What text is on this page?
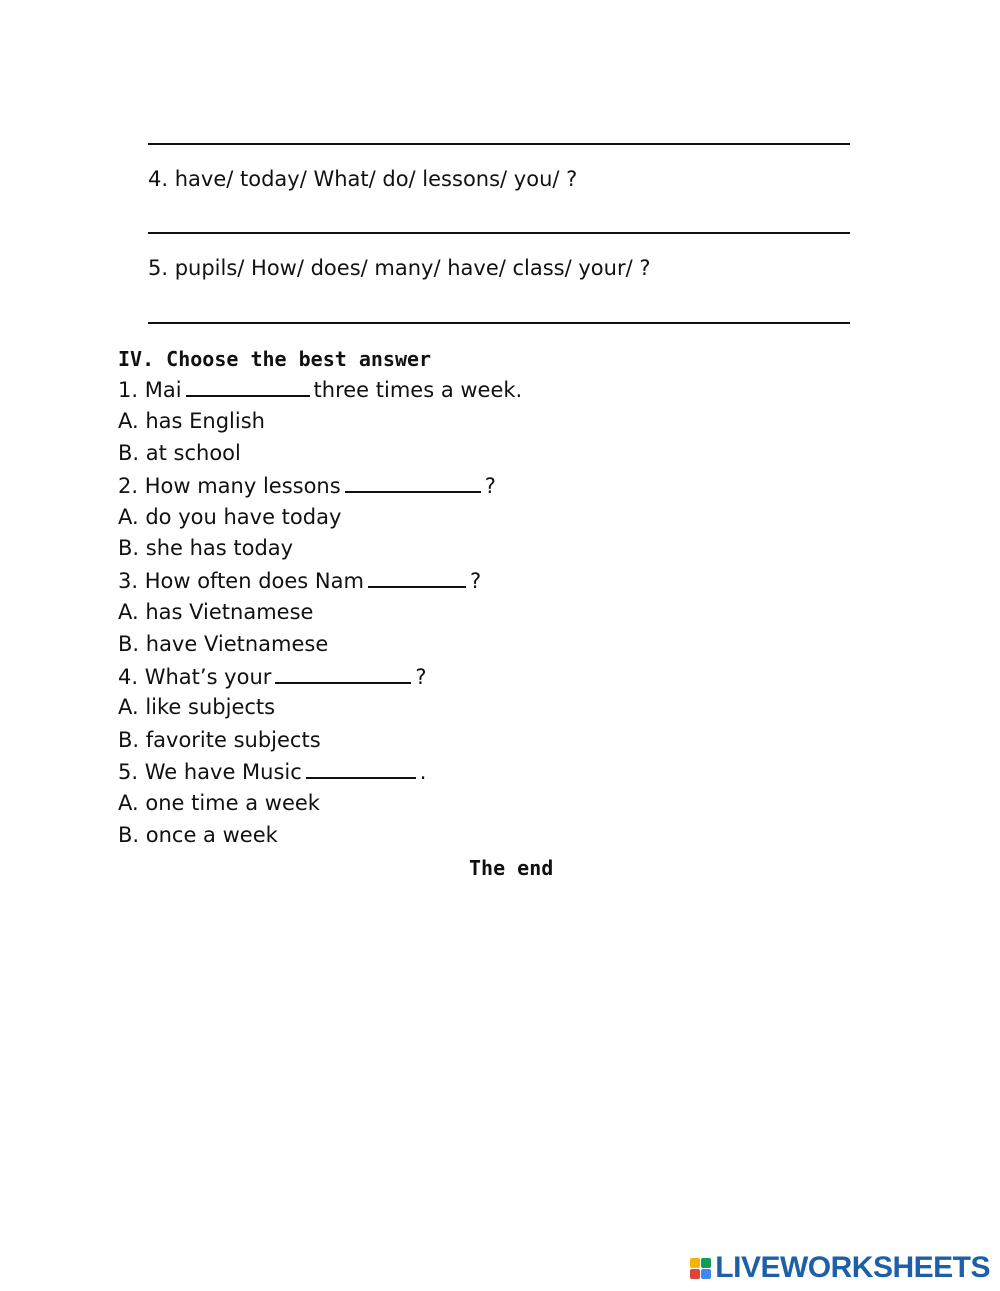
4. have/ today/ What/ do/ lessons/ you/ ?
5. pupils/ How/ does/ many/ have/ class/ your/ ?
IV. Choose the best answer
1. Mai	three times a week.
A. has English
B. at school
2. How many lessons	?
A. do you have today
B. she has today
3. How often does Nam	?
A. has Vietnamese
B. have Vietnamese
4. What’s your	?
A. like subjects
B. favorite subjects
5. We have Music	.
A. one time a week
B. once a week
The end
LIVEWORKSHEETS
